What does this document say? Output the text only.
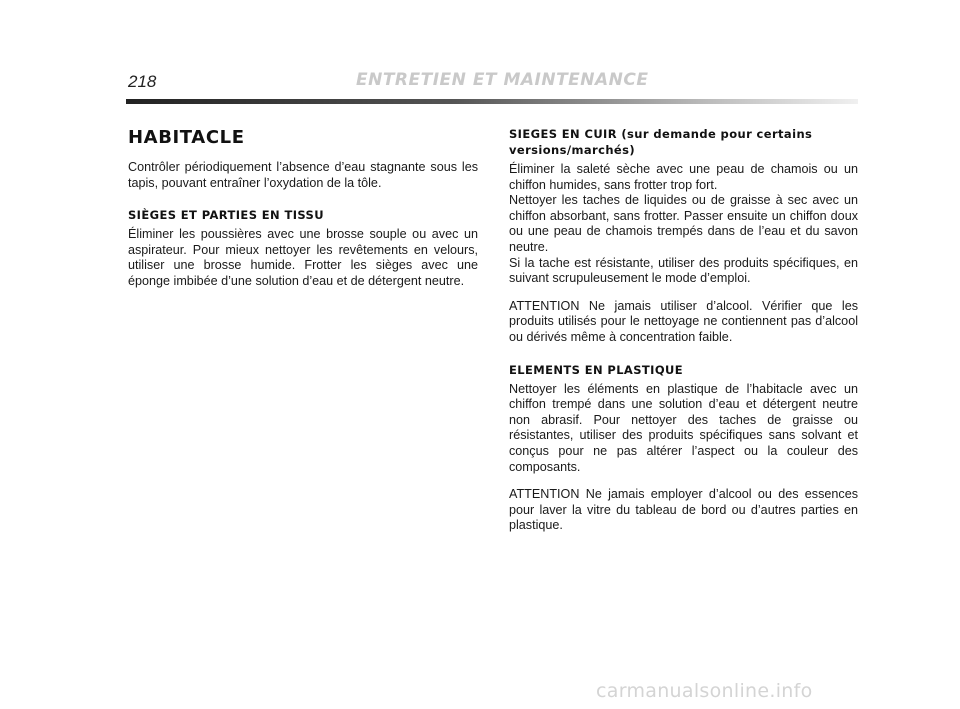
218	ENTRETIEN ET MAINTENANCE
HABITACLE

Contrôler périodiquement l’absence d’eau stagnante sous les tapis, pouvant entraîner l’oxydation de la tôle.

SIÈGES ET PARTIES EN TISSU

Éliminer les poussières avec une brosse souple ou avec un aspirateur. Pour mieux nettoyer les revêtements en velours, utiliser une brosse humide. Frotter les sièges avec une éponge imbibée d’une solution d’eau et de détergent neutre.

SIEGES EN CUIR (sur demande pour certains versions/marchés)

Éliminer la saleté sèche avec une peau de chamois ou un chiffon humides, sans frotter trop fort.

Nettoyer les taches de liquides ou de graisse à sec avec un chiffon absorbant, sans frotter. Passer ensuite un chiffon doux ou une peau de chamois trempés dans de l’eau et du savon neutre.

Si la tache est résistante, utiliser des produits spécifiques, en suivant scrupuleusement le mode d’emploi.

ATTENTION Ne jamais utiliser d’alcool. Vérifier que les produits utilisés pour le nettoyage ne contiennent pas d’alcool ou dérivés même à concentration faible.

ELEMENTS EN PLASTIQUE

Nettoyer les éléments en plastique de l’habitacle avec un chiffon trempé dans une solution d’eau et détergent neutre non abrasif. Pour nettoyer des taches de graisse ou résistantes, utiliser des produits spécifiques sans solvant et conçus pour ne pas altérer l’aspect ou la couleur des composants.

ATTENTION Ne jamais employer d’alcool ou des essences pour laver la vitre du tableau de bord ou d’autres parties en plastique.

carmanualsonline.info
